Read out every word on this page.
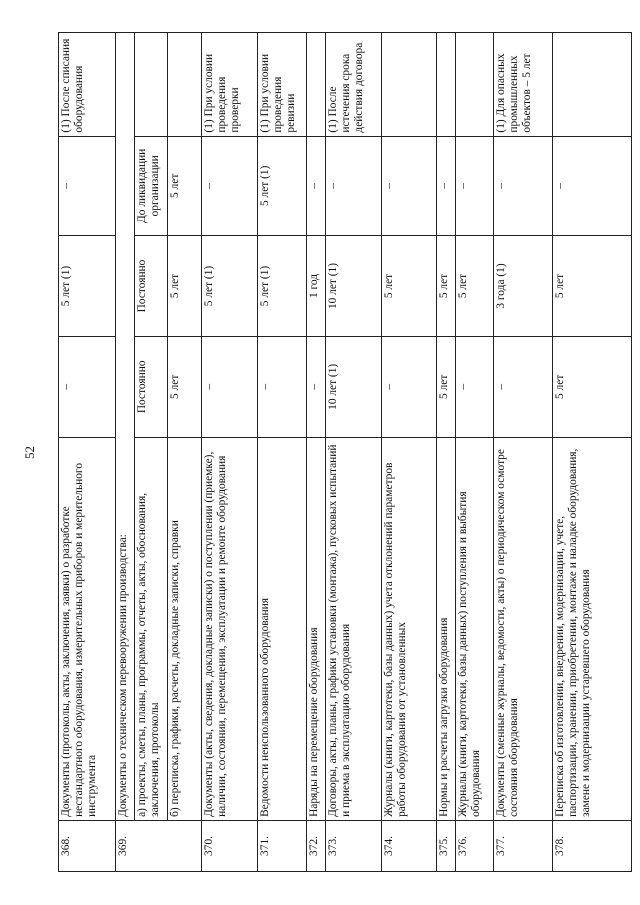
52
368.	Документы (протоколы, акты, заключения, заявки) о разработке нестандартного оборудования, измерительных приборов и мерительного инструмента	–	5 лет (1)	–	(1) После списания оборудования
369.	Документы о техническом перевооружении производства:				
	а) проекты, сметы, планы, программы, отчеты, акты, обоснования, заключения, протоколы	Постоянно	Постоянно	До ликвидации организации	
	б) переписка, графики, расчеты, докладные записки, справки	5 лет	5 лет	5 лет	
370.	Документы (акты, сведения, докладные записки) о поступлении (приемке), наличии, состоянии, перемещении, эксплуатации и ремонте оборудования	–	5 лет (1)	–	(1) При условии проведения проверки
371.	Ведомости неиспользованного оборудования	–	5 лет (1)	5 лет (1)	(1) При условии проведения ревизии
372.	Наряды на перемещение оборудования	–	1 год	–	
373.	Договоры, акты, планы, графики установки (монтажа), пусковых испытаний и приема в эксплуатацию оборудования	10 лет (1)	10 лет (1)	–	(1) После истечения срока действия договора
374.	Журналы (книги, картотеки, базы данных) учета отклонений параметров работы оборудования от установленных	–	5 лет	–	
375.	Нормы и расчеты загрузки оборудования	5 лет	5 лет	–	
376.	Журналы (книги, картотеки, базы данных) поступления и выбытия оборудования	–	5 лет	–	
377.	Документы (сменные журналы, ведомости, акты) о периодическом осмотре состояния оборудования	–	3 года (1)	–	(1) Для опасных промышленных объектов – 5 лет
378.	Переписка об изготовлении, внедрении, модернизации, учете, паспортизации, хранении, приобретении, монтаже и наладке оборудования, замене и модернизации устаревшего оборудования	5 лет	5 лет	–	
